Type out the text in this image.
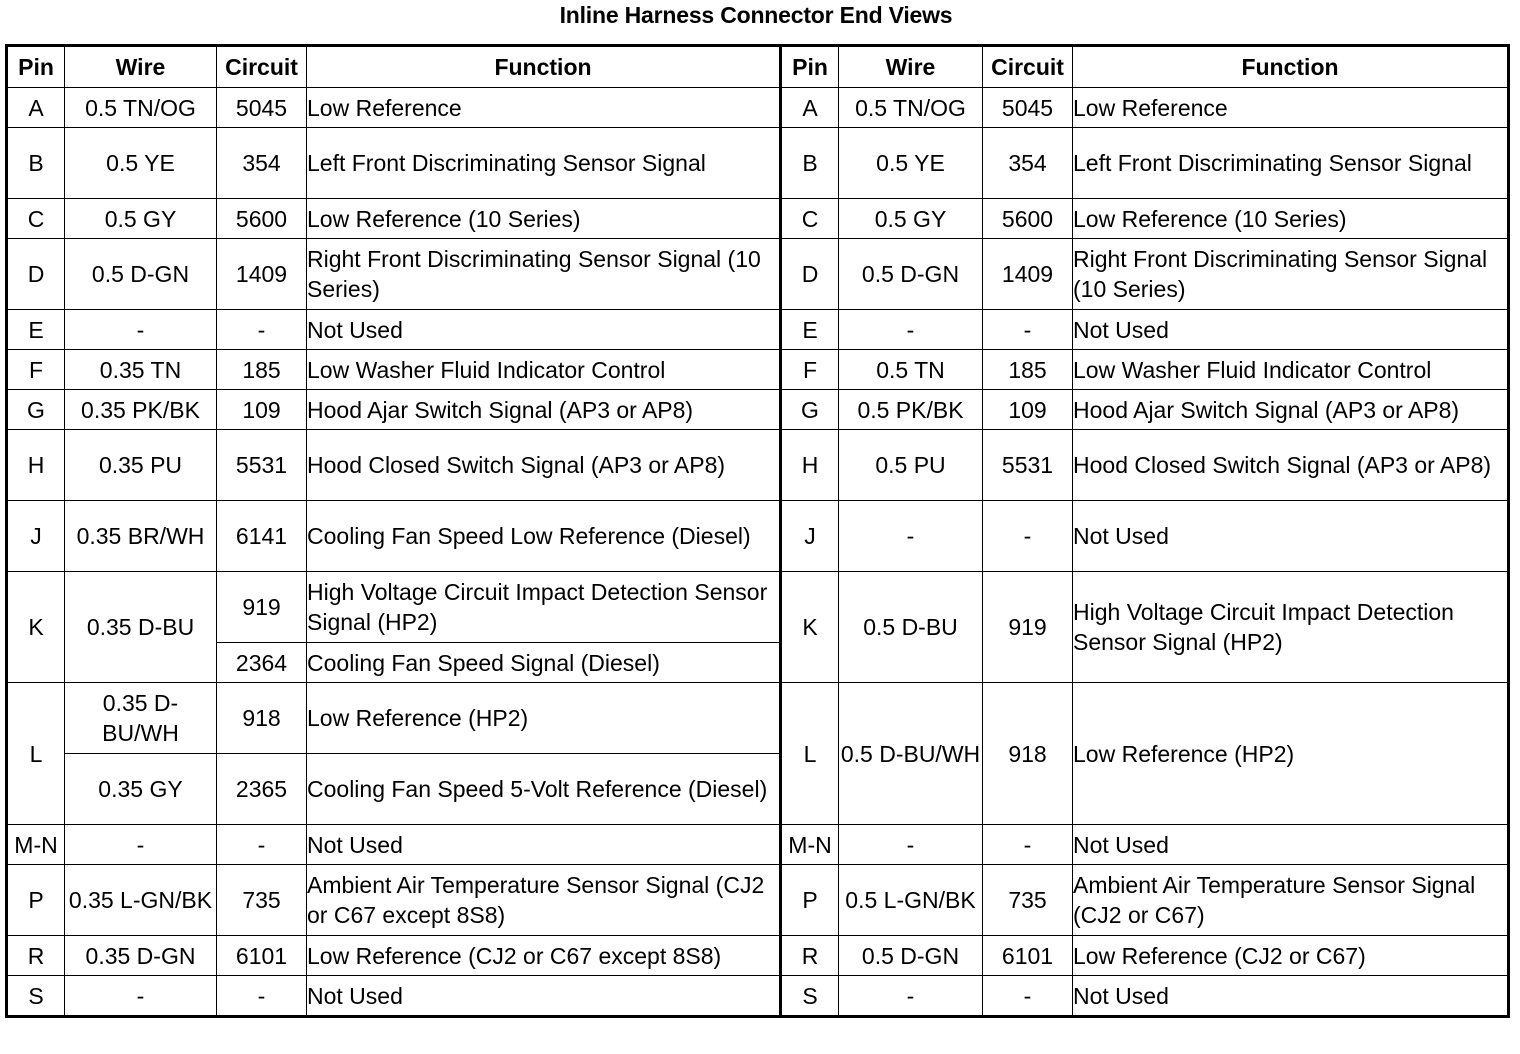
Inline Harness Connector End Views
Pin	Wire	Circuit	Function	Pin	Wire	Circuit	Function
A	0.5 TN/OG	5045	Low Reference	A	0.5 TN/OG	5045	Low Reference
B	0.5 YE	354	Left Front Discriminating Sensor Signal	B	0.5 YE	354	Left Front Discriminating Sensor Signal
C	0.5 GY	5600	Low Reference (10 Series)	C	0.5 GY	5600	Low Reference (10 Series)
D	0.5 D-GN	1409	Right Front Discriminating Sensor Signal (10 Series)	D	0.5 D-GN	1409	Right Front Discriminating Sensor Signal (10 Series)
E	-	-	Not Used	E	-	-	Not Used
F	0.35 TN	185	Low Washer Fluid Indicator Control	F	0.5 TN	185	Low Washer Fluid Indicator Control
G	0.35 PK/BK	109	Hood Ajar Switch Signal (AP3 or AP8)	G	0.5 PK/BK	109	Hood Ajar Switch Signal (AP3 or AP8)
H	0.35 PU	5531	Hood Closed Switch Signal (AP3 or AP8)	H	0.5 PU	5531	Hood Closed Switch Signal (AP3 or AP8)
J	0.35 BR/WH	6141	Cooling Fan Speed Low Reference (Diesel)	J	-	-	Not Used
K	0.35 D-BU	919	High Voltage Circuit Impact Detection Sensor Signal (HP2)	K	0.5 D-BU	919	High Voltage Circuit Impact Detection Sensor Signal (HP2)
		2364	Cooling Fan Speed Signal (Diesel)				
L	0.35 D-BU/WH	918	Low Reference (HP2)	L	0.5 D-BU/WH	918	Low Reference (HP2)
	0.35 GY	2365	Cooling Fan Speed 5-Volt Reference (Diesel)				
M-N	-	-	Not Used	M-N	-	-	Not Used
P	0.35 L-GN/BK	735	Ambient Air Temperature Sensor Signal (CJ2 or C67 except 8S8)	P	0.5 L-GN/BK	735	Ambient Air Temperature Sensor Signal (CJ2 or C67)
R	0.35 D-GN	6101	Low Reference (CJ2 or C67 except 8S8)	R	0.5 D-GN	6101	Low Reference (CJ2 or C67)
S	-	-	Not Used	S	-	-	Not Used
